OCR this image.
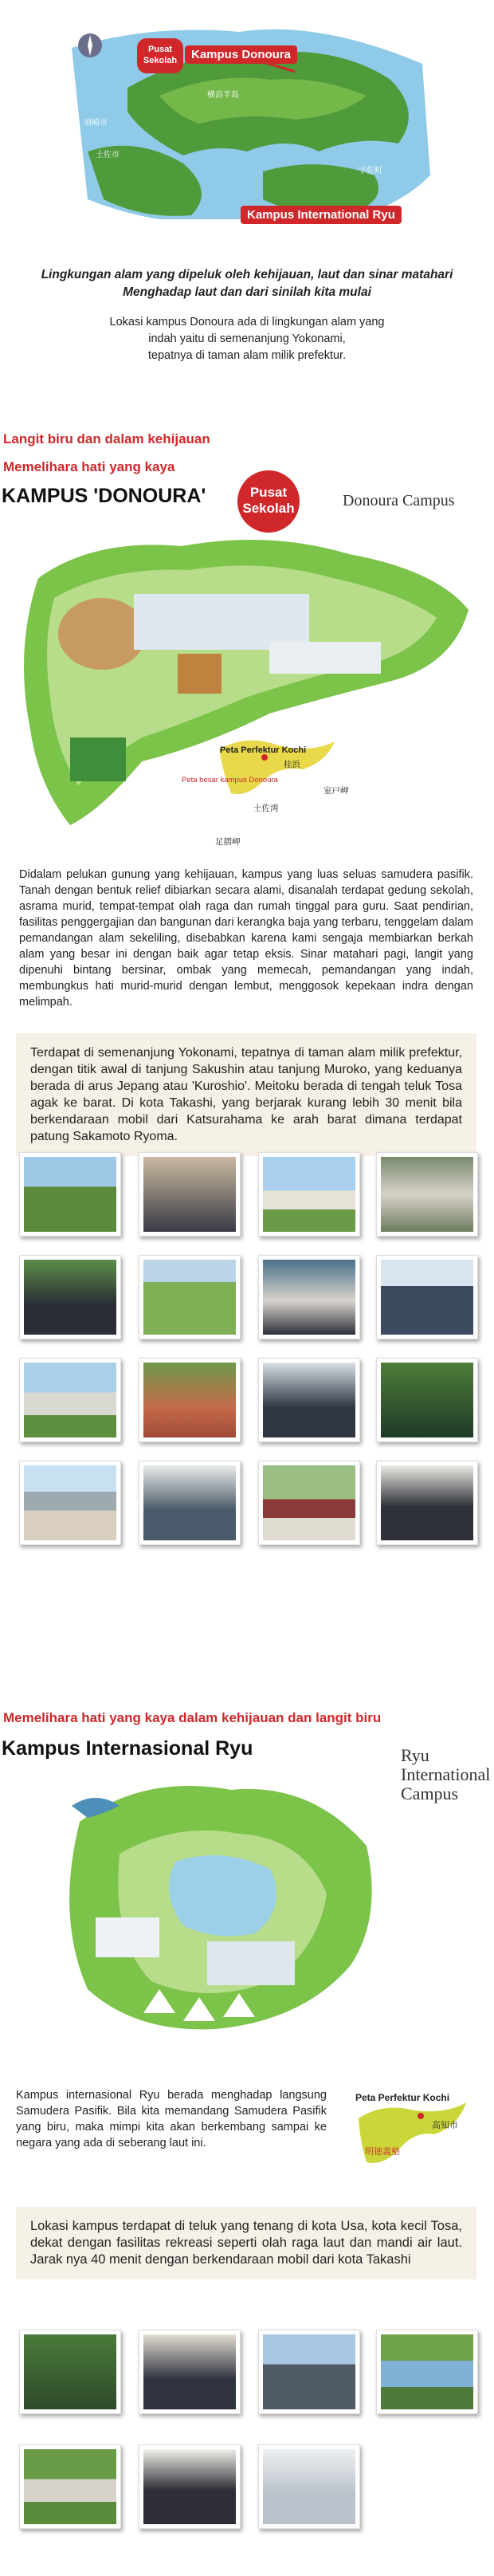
Pusat
Sekolah	Kampus Donoura
須崎市
横浪半島
土佐市
宇佐町
Kampus International Ryu
Lingkungan alam yang dipeluk oleh kehijauan, laut dan sinar matahari
Menghadap laut dan dari sinilah kita mulai
Lokasi kampus Donoura ada di lingkungan alam yang
indah yaitu di semenanjung Yokonami,
tepatnya di taman alam milik prefektur.
Langit biru dan dalam kehijauan
Memelihara hati yang kaya
KAMPUS 'DONOURA'	Pusat
Sekolah	Donoura Campus
Peta Perfektur Kochi
Peta besar kampus Donoura
桂浜
室戸岬
土佐湾
足摺岬
Didalam pelukan gunung yang kehijauan, kampus yang luas seluas samudera pasifik. Tanah dengan bentuk relief dibiarkan secara alami, disanalah terdapat gedung sekolah, asrama murid, tempat-tempat olah raga dan rumah tinggal para guru. Saat pendirian, fasilitas penggergajian dan bangunan dari kerangka baja yang terbaru, tenggelam dalam pemandangan alam sekeliling, disebabkan karena kami sengaja membiarkan berkah alam yang besar ini dengan baik agar tetap eksis. Sinar matahari pagi, langit yang dipenuhi bintang bersinar, ombak yang memecah, pemandangan yang indah, membungkus hati murid-murid dengan lembut, menggosok kepekaan indra dengan melimpah.
Terdapat di semenanjung Yokonami, tepatnya di taman alam milik prefektur, dengan titik awal di tanjung Sakushin atau tanjung Muroko, yang keduanya berada di arus Jepang atau 'Kuroshio'. Meitoku berada di tengah teluk Tosa agak ke barat. Di kota Takashi, yang berjarak kurang lebih 30 menit bila berkendaraan mobil dari Katsurahama ke arah barat dimana terdapat patung Sakamoto Ryoma.
Memelihara hati yang kaya dalam kehijauan dan langit biru
Kampus Internasional Ryu	Ryu
International
Campus
Kampus internasional Ryu berada menghadap langsung Samudera Pasifik. Bila kita memandang Samudera Pasifik yang biru, maka mimpi kita akan berkembang sampai ke negara yang ada di seberang laut ini.
Peta Perfektur Kochi
高知市
明徳義塾
Lokasi kampus terdapat di teluk yang tenang di kota Usa, kota kecil Tosa, dekat dengan fasilitas rekreasi seperti olah raga laut dan mandi air laut. Jarak nya 40 menit dengan berkendaraan mobil dari kota Takashi
